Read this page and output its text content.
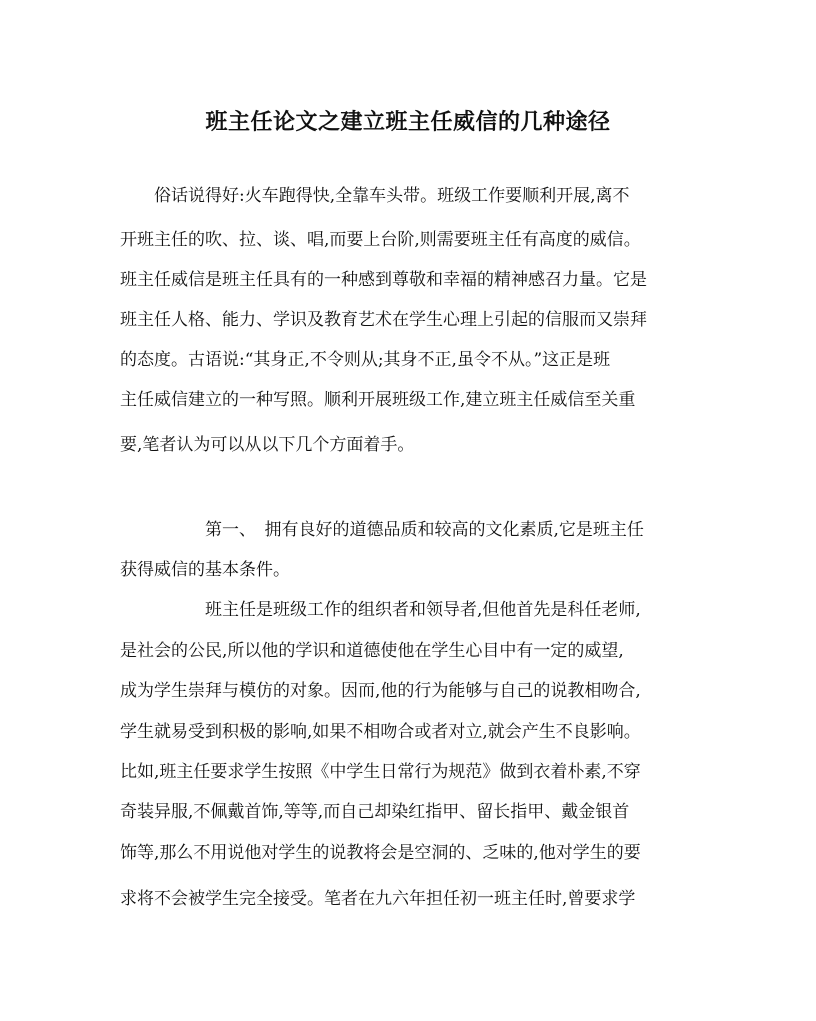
班主任论文之建立班主任威信的几种途径
　　俗话说得好:火车跑得快,全靠车头带。班级工作要顺利开展,离不
开班主任的吹、拉、谈、唱,而要上台阶,则需要班主任有高度的威信。
班主任威信是班主任具有的一种感到尊敬和幸福的精神感召力量。它是
班主任人格、能力、学识及教育艺术在学生心理上引起的信服而又崇拜
的态度。古语说:“其身正,不令则从;其身不正,虽令不从。”这正是班
主任威信建立的一种写照。顺利开展班级工作,建立班主任威信至关重
要,笔者认为可以从以下几个方面着手。
　　　　　第一、　拥有良好的道德品质和较高的文化素质,它是班主任
获得威信的基本条件。
　　　　　班主任是班级工作的组织者和领导者,但他首先是科任老师,
是社会的公民,所以他的学识和道德使他在学生心目中有一定的威望,
成为学生崇拜与模仿的对象。因而,他的行为能够与自己的说教相吻合,
学生就易受到积极的影响,如果不相吻合或者对立,就会产生不良影响。
比如,班主任要求学生按照《中学生日常行为规范》做到衣着朴素,不穿
奇装异服,不佩戴首饰,等等,而自己却染红指甲、留长指甲、戴金银首
饰等,那么不用说他对学生的说教将会是空洞的、乏味的,他对学生的要
求将不会被学生完全接受。笔者在九六年担任初一班主任时,曾要求学
